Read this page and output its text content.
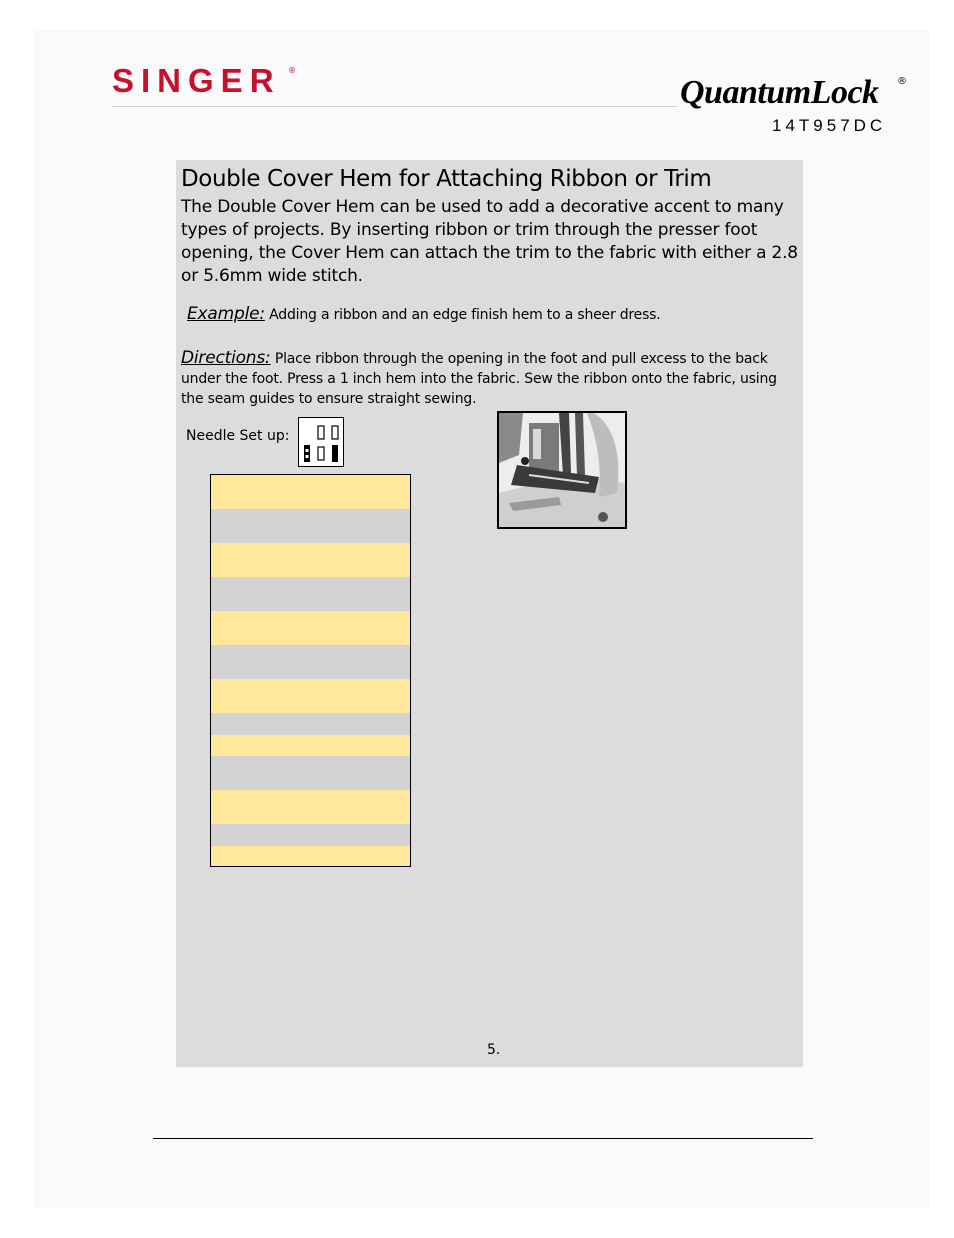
SINGER ®
QuantumLock ®
14T957DC
Double Cover Hem for Attaching Ribbon or Trim
The Double Cover Hem can be used to add a decorative accent to many types of projects. By inserting ribbon or trim through the presser foot opening, the Cover Hem can attach the trim to the fabric with either a 2.8 or 5.6mm wide stitch.
Example: Adding a ribbon and an edge finish hem to a sheer dress.
Directions: Place ribbon through the opening in the foot and pull excess to the back under the foot. Press a 1 inch hem into the fabric. Sew the ribbon onto the fabric, using the seam guides to ensure straight sewing.
Needle Set up:
5.
